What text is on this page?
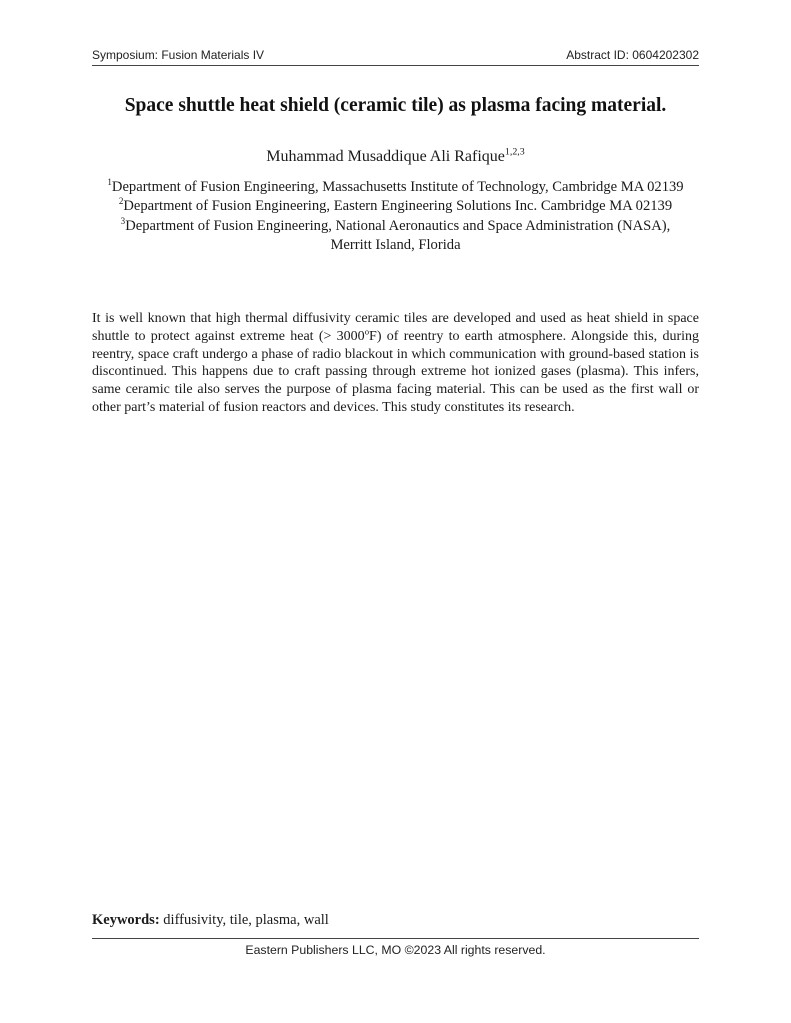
Symposium: Fusion Materials IV	Abstract ID: 0604202302
Space shuttle heat shield (ceramic tile) as plasma facing material.
Muhammad Musaddique Ali Rafique$^{1,2,3}$
$^1$Department of Fusion Engineering, Massachusetts Institute of Technology, Cambridge MA 02139
$^2$Department of Fusion Engineering, Eastern Engineering Solutions Inc. Cambridge MA 02139
$^3$Department of Fusion Engineering, National Aeronautics and Space Administration (NASA),
Merritt Island, Florida
It is well known that high thermal diffusivity ceramic tiles are developed and used as heat shield in space shuttle to protect against extreme heat (> $3000^oF$) of reentry to earth atmosphere. Alongside this, during reentry, space craft undergo a phase of radio blackout in which communication with ground-based station is discontinued. This happens due to craft passing through extreme hot ionized gases (plasma). This infers, same ceramic tile also serves the purpose of plasma facing material. This can be used as the first wall or other part’s material of fusion reactors and devices. This study constitutes its research.
Keywords: diffusivity, tile, plasma, wall
Eastern Publishers LLC, MO ©2023 All rights reserved.
